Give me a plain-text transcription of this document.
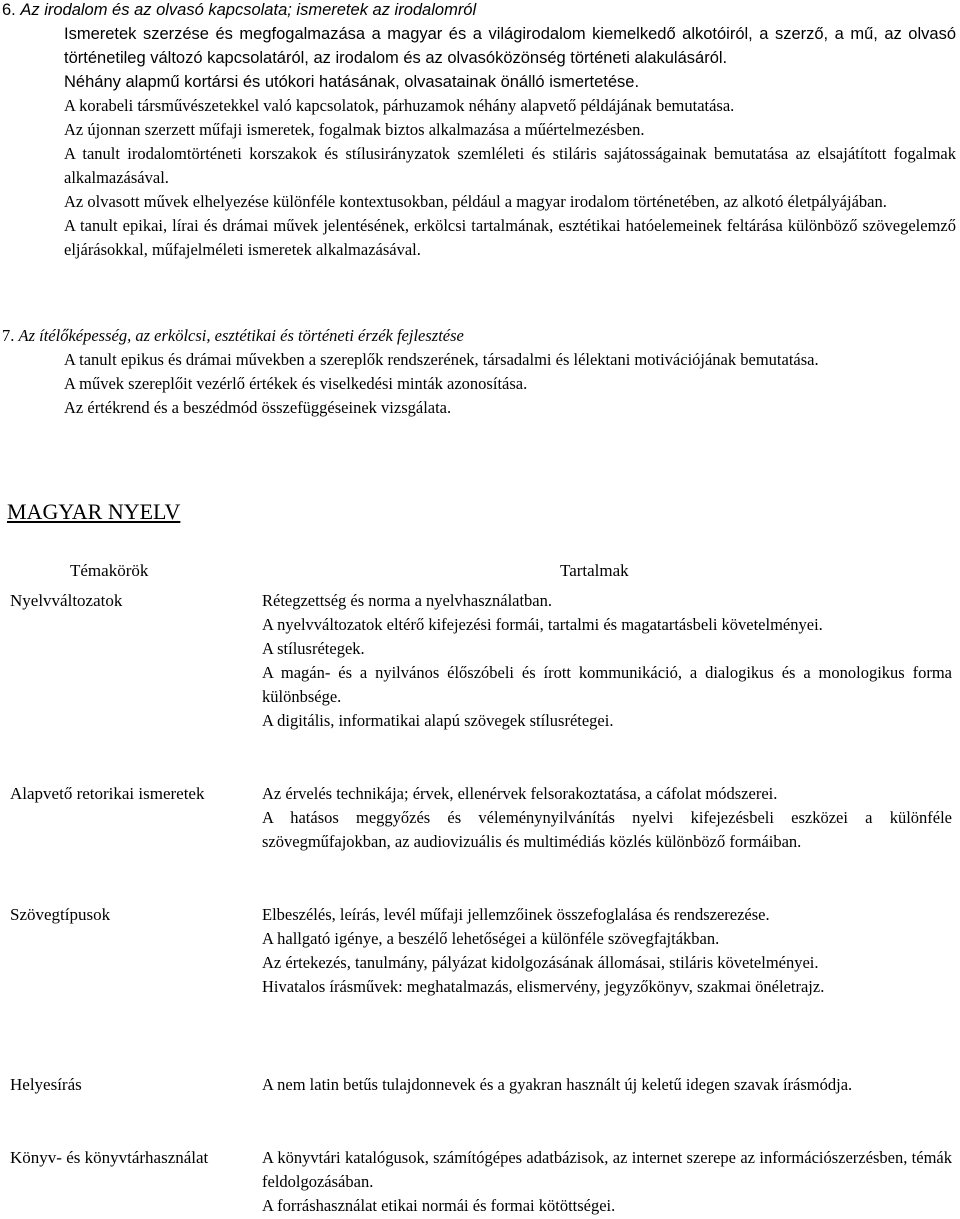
6. Az irodalom és az olvasó kapcsolata; ismeretek az irodalomról

Ismeretek szerzése és megfogalmazása a magyar és a világirodalom kiemelkedő alkotóiról, a szerző, a mű, az olvasó történetileg változó kapcsolatáról, az irodalom és az olvasóközönség történeti alakulásáról.

Néhány alapmű kortársi és utókori hatásának, olvasatainak önálló ismertetése.

A korabeli társművészetekkel való kapcsolatok, párhuzamok néhány alapvető példájának bemutatása.

Az újonnan szerzett műfaji ismeretek, fogalmak biztos alkalmazása a műértelmezésben.

A tanult irodalomtörténeti korszakok és stílusirányzatok szemléleti és stiláris sajátosságainak bemutatása az elsajátított fogalmak alkalmazásával.

Az olvasott művek elhelyezése különféle kontextusokban, például a magyar irodalom történetében, az alkotó életpályájában.

A tanult epikai, lírai és drámai művek jelentésének, erkölcsi tartalmának, esztétikai hatóelemeinek feltárása különböző szövegelemző eljárásokkal, műfajelméleti ismeretek alkalmazásával.

7. Az ítélőképesség, az erkölcsi, esztétikai és történeti érzék fejlesztése

A tanult epikus és drámai művekben a szereplők rendszerének, társadalmi és lélektani motivációjának bemutatása.

A művek szereplőit vezérlő értékek és viselkedési minták azonosítása.

Az értékrend és a beszédmód összefüggéseinek vizsgálata.

MAGYAR NYELV
Témakörök	Tartalmak
Nyelvváltozatok	Rétegzettség és norma a nyelvhasználatban.

A nyelvváltozatok eltérő kifejezési formái, tartalmi és magatartásbeli követelményei.

A stílusrétegek.

A magán- és a nyilvános élőszóbeli és írott kommunikáció, a dialogikus és a monologikus forma különbsége.

A digitális, informatikai alapú szövegek stílusrétegei.

Alapvető retorikai ismeretek	Az érvelés technikája; érvek, ellenérvek felsorakoztatása, a cáfolat módszerei.

A hatásos meggyőzés és véleménynyilvánítás nyelvi kifejezésbeli eszközei a különféle szövegműfajokban, az audiovizuális és multimédiás közlés különböző formáiban.

Szövegtípusok	Elbeszélés, leírás, levél műfaji jellemzőinek összefoglalása és rendszerezése.

A hallgató igénye, a beszélő lehetőségei a különféle szövegfajtákban.

Az értekezés, tanulmány, pályázat kidolgozásának állomásai, stiláris követelményei.

Hivatalos írásművek: meghatalmazás, elismervény, jegyzőkönyv, szakmai önéletrajz.

Helyesírás	A nem latin betűs tulajdonnevek és a gyakran használt új keletű idegen szavak írásmódja.

Könyv- és könyvtárhasználat	A könyvtári katalógusok, számítógépes adatbázisok, az internet szerepe az információszerzésben, témák feldolgozásában.

A forráshasználat etikai normái és formai kötöttségei.
